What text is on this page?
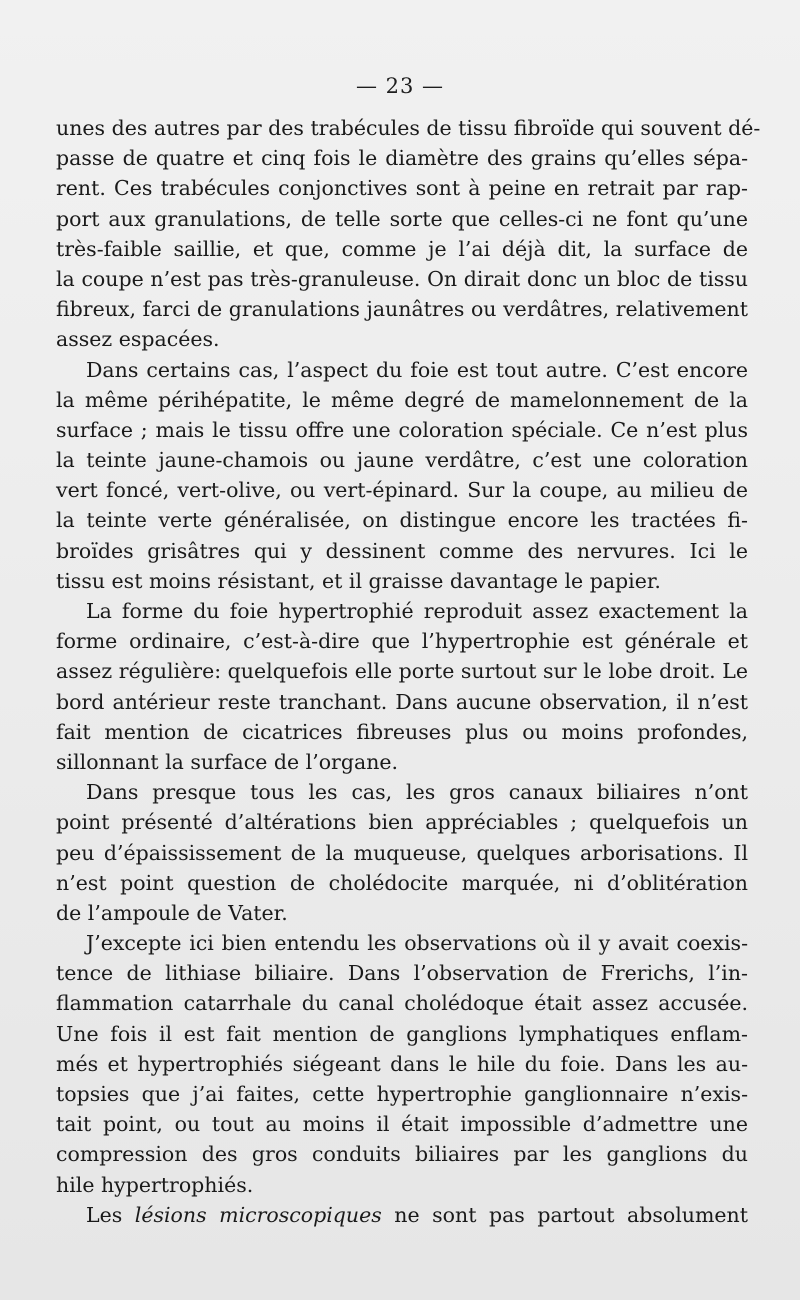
— 23 —
unes des autres par des trabécules de tissu fibroïde qui souvent dé-
passe de quatre et cinq fois le diamètre des grains qu’elles sépa-
rent. Ces trabécules conjonctives sont à peine en retrait par rap-
port aux granulations, de telle sorte que celles-ci ne font qu’une
très-faible saillie, et que, comme je l’ai déjà dit, la surface de
la coupe n’est pas très-granuleuse. On dirait donc un bloc de tissu
fibreux, farci de granulations jaunâtres ou verdâtres, relativement
assez espacées.
Dans certains cas, l’aspect du foie est tout autre. C’est encore
la même périhépatite, le même degré de mamelonnement de la
surface ; mais le tissu offre une coloration spéciale. Ce n’est plus
la teinte jaune-chamois ou jaune verdâtre, c’est une coloration
vert foncé, vert-olive, ou vert-épinard. Sur la coupe, au milieu de
la teinte verte généralisée, on distingue encore les tractées fi-
broïdes grisâtres qui y dessinent comme des nervures. Ici le
tissu est moins résistant, et il graisse davantage le papier.
La forme du foie hypertrophié reproduit assez exactement la
forme ordinaire, c’est-à-dire que l’hypertrophie est générale et
assez régulière: quelquefois elle porte surtout sur le lobe droit. Le
bord antérieur reste tranchant. Dans aucune observation, il n’est
fait mention de cicatrices fibreuses plus ou moins profondes,
sillonnant la surface de l’organe.
Dans presque tous les cas, les gros canaux biliaires n’ont
point présenté d’altérations bien appréciables ; quelquefois un
peu d’épaississement de la muqueuse, quelques arborisations. Il
n’est point question de cholédocite marquée, ni d’oblitération
de l’ampoule de Vater.
J’excepte ici bien entendu les observations où il y avait coexis-
tence de lithiase biliaire. Dans l’observation de Frerichs, l’in-
flammation catarrhale du canal cholédoque était assez accusée.
Une fois il est fait mention de ganglions lymphatiques enflam-
més et hypertrophiés siégeant dans le hile du foie. Dans les au-
topsies que j’ai faites, cette hypertrophie ganglionnaire n’exis-
tait point, ou tout au moins il était impossible d’admettre une
compression des gros conduits biliaires par les ganglions du
hile hypertrophiés.
Les lésions microscopiques ne sont pas partout absolument
